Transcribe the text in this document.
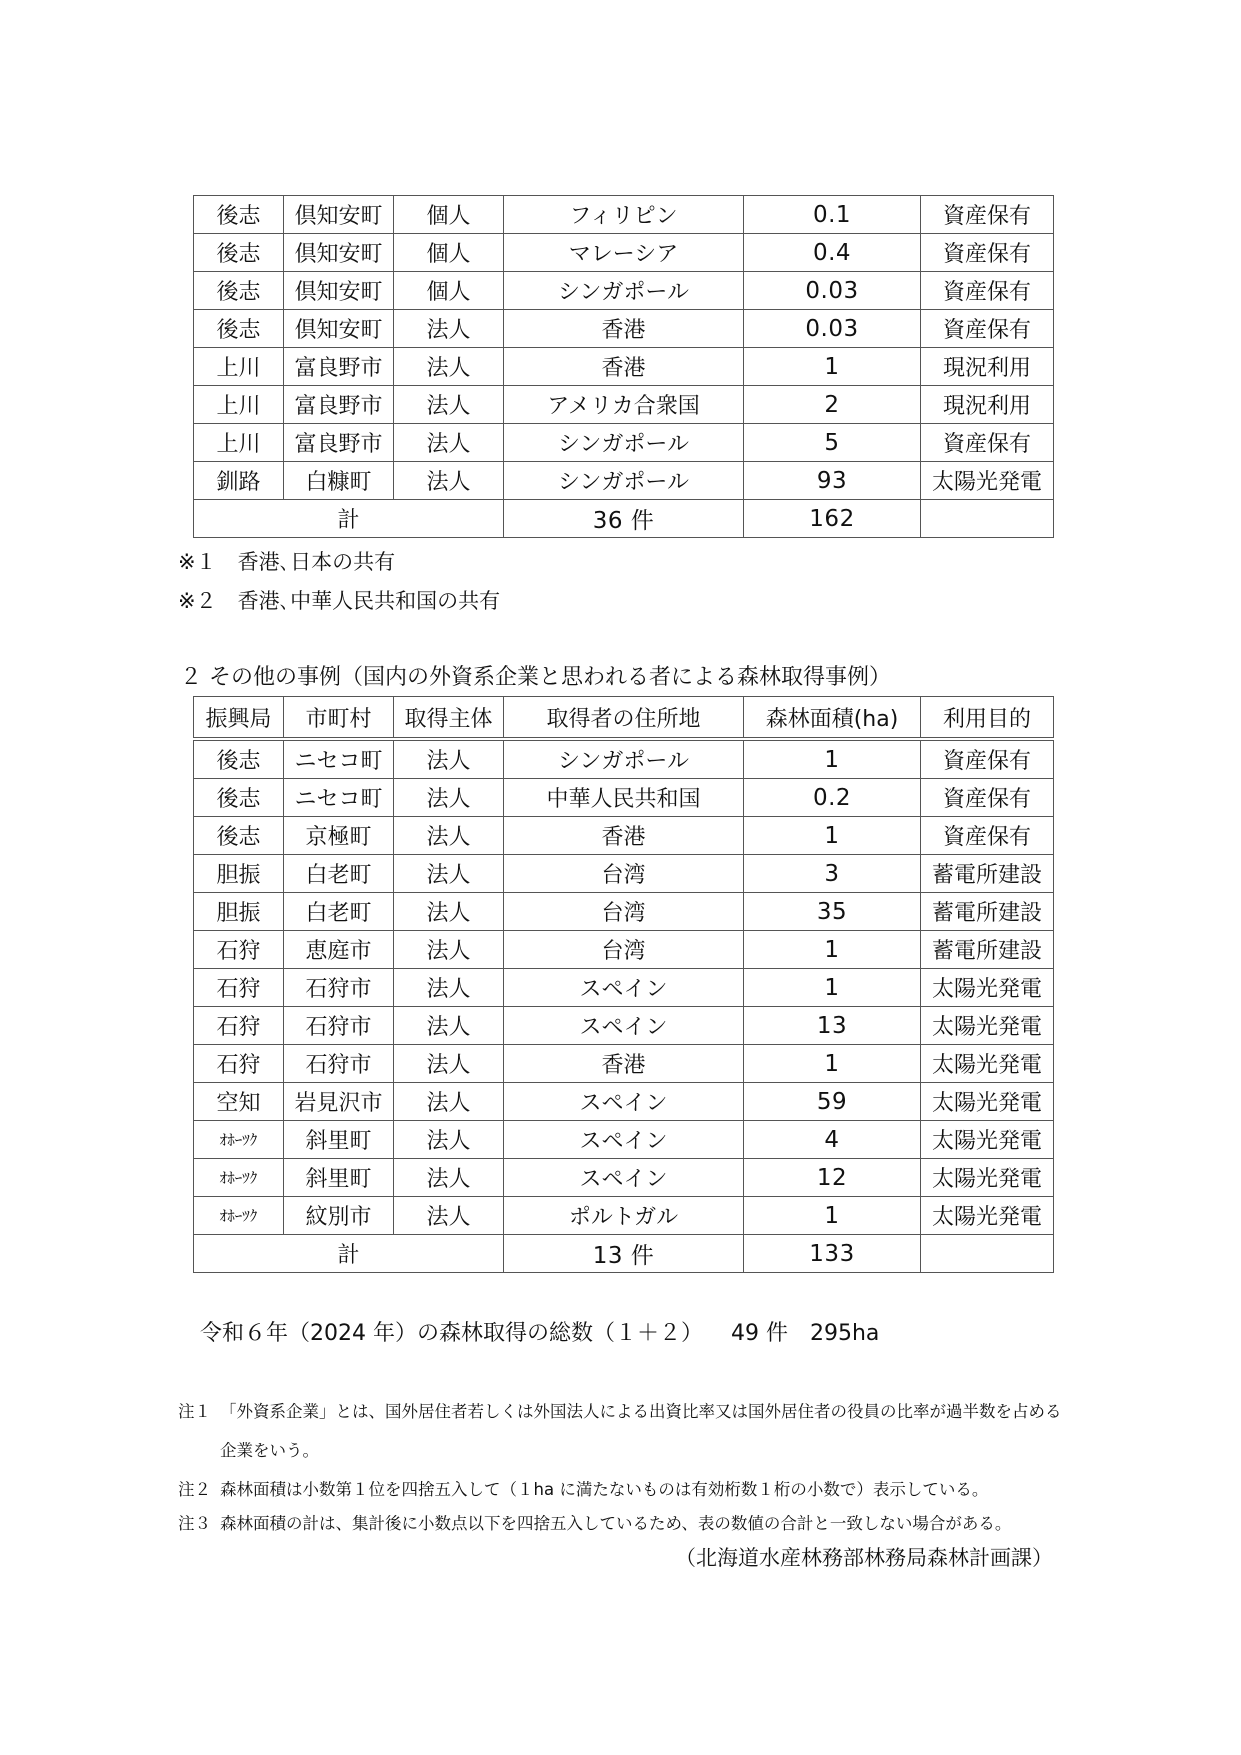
後志	倶知安町	個人	フィリピン	0.1	資産保有
後志	倶知安町	個人	マレーシア	0.4	資産保有
後志	倶知安町	個人	シンガポール	0.03	資産保有
後志	倶知安町	法人	香港	0.03	資産保有
上川	富良野市	法人	香港	1	現況利用
上川	富良野市	法人	アメリカ合衆国	2	現況利用
上川	富良野市	法人	シンガポール	5	資産保有
釧路	白糠町	法人	シンガポール	93	太陽光発電
計			36 件	162	
※１　香港､日本の共有
※２　香港､中華人民共和国の共有
２ その他の事例（国内の外資系企業と思われる者による森林取得事例）
振興局	市町村	取得主体	取得者の住所地	森林面積(ha)	利用目的
後志	ニセコ町	法人	シンガポール	1	資産保有
後志	ニセコ町	法人	中華人民共和国	0.2	資産保有
後志	京極町	法人	香港	1	資産保有
胆振	白老町	法人	台湾	3	蓄電所建設
胆振	白老町	法人	台湾	35	蓄電所建設
石狩	恵庭市	法人	台湾	1	蓄電所建設
石狩	石狩市	法人	スペイン	1	太陽光発電
石狩	石狩市	法人	スペイン	13	太陽光発電
石狩	石狩市	法人	香港	1	太陽光発電
空知	岩見沢市	法人	スペイン	59	太陽光発電
ｵﾎｰﾂｸ	斜里町	法人	スペイン	4	太陽光発電
ｵﾎｰﾂｸ	斜里町	法人	スペイン	12	太陽光発電
ｵﾎｰﾂｸ	紋別市	法人	ポルトガル	1	太陽光発電
計			13 件	133	
令和６年（2024 年）の森林取得の総数（１＋２） 49 件 295ha
注１ 「外資系企業」とは、国外居住者若しくは外国法人による出資比率又は国外居住者の役員の比率が過半数を占める
企業をいう。
注２ 森林面積は小数第１位を四捨五入して（１ha に満たないものは有効桁数１桁の小数で）表示している。
注３ 森林面積の計は、集計後に小数点以下を四捨五入しているため、表の数値の合計と一致しない場合がある。
（北海道水産林務部林務局森林計画課）
